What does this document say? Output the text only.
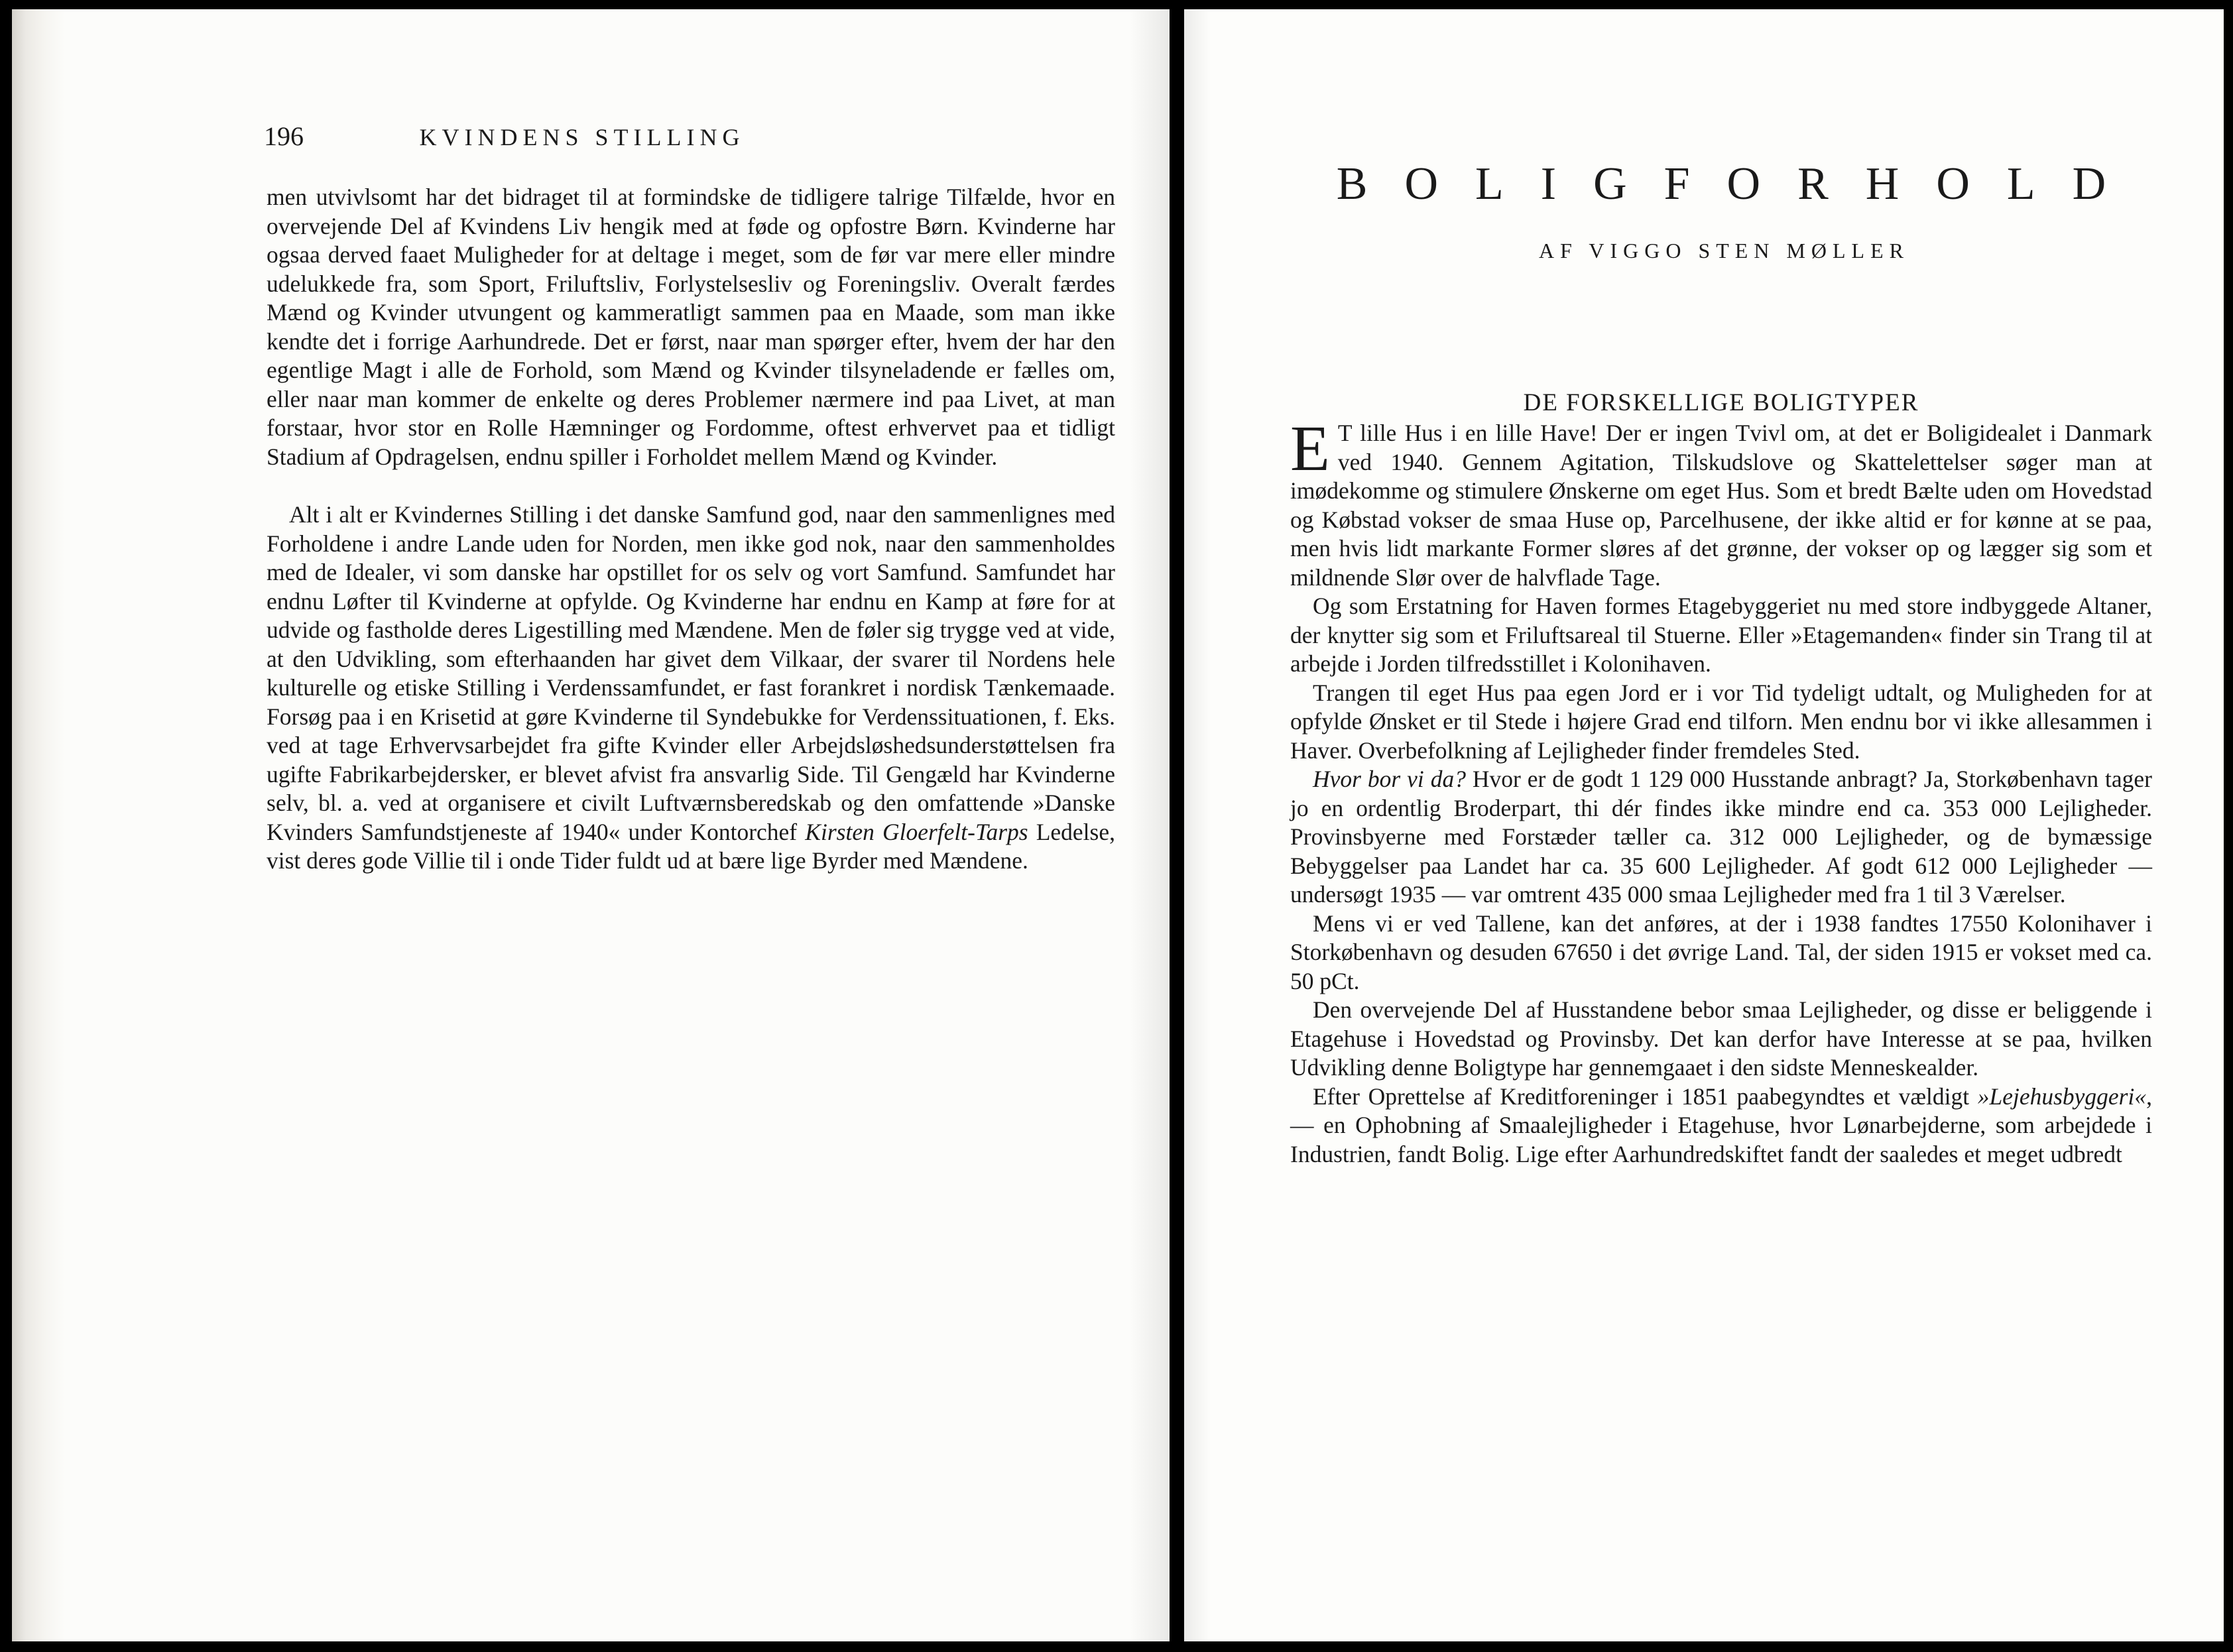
196	KVINDENS STILLING

men utvivlsomt har det bidraget til at formindske de tidligere talrige Tilfælde, hvor en overvejende Del af Kvindens Liv hengik med at føde og opfostre Børn. Kvinderne har ogsaa derved faaet Muligheder for at deltage i meget, som de før var mere eller mindre udelukkede fra, som Sport, Friluftsliv, Forlystelsesliv og Foreningsliv. Overalt færdes Mænd og Kvinder utvungent og kammeratligt sammen paa en Maade, som man ikke kendte det i forrige Aarhundrede. Det er først, naar man spørger efter, hvem der har den egentlige Magt i alle de Forhold, som Mænd og Kvinder tilsyneladende er fælles om, eller naar man kommer de enkelte og deres Problemer nærmere ind paa Livet, at man forstaar, hvor stor en Rolle Hæmninger og Fordomme, oftest erhvervet paa et tidligt Stadium af Opdragelsen, endnu spiller i Forholdet mellem Mænd og Kvinder.

Alt i alt er Kvindernes Stilling i det danske Samfund god, naar den sammenlignes med Forholdene i andre Lande uden for Norden, men ikke god nok, naar den sammenholdes med de Idealer, vi som danske har opstillet for os selv og vort Samfund. Samfundet har endnu Løfter til Kvinderne at opfylde. Og Kvinderne har endnu en Kamp at føre for at udvide og fastholde deres Ligestilling med Mændene. Men de føler sig trygge ved at vide, at den Udvikling, som efterhaanden har givet dem Vilkaar, der svarer til Nordens hele kulturelle og etiske Stilling i Verdenssamfundet, er fast forankret i nordisk Tænkemaade. Forsøg paa i en Krisetid at gøre Kvinderne til Syndebukke for Verdenssituationen, f. Eks. ved at tage Erhvervsarbejdet fra gifte Kvinder eller Arbejdsløshedsunderstøttelsen fra ugifte Fabrikarbejdersker, er blevet afvist fra ansvarlig Side. Til Gengæld har Kvinderne selv, bl. a. ved at organisere et civilt Luftværnsberedskab og den omfattende »Danske Kvinders Samfundstjeneste af 1940« under Kontorchef Kirsten Gloerfelt-Tarps Ledelse, vist deres gode Villie til i onde Tider fuldt ud at bære lige Byrder med Mændene.

BOLIGFORHOLD
AF VIGGO STEN MØLLER
DE FORSKELLIGE BOLIGTYPER

E T lille Hus i en lille Have! Der er ingen Tvivl om, at det er Boligidealet i Danmark ved 1940. Gennem Agitation, Tilskudslove og Skattelettelser søger man at imødekomme og stimulere Ønskerne om eget Hus. Som et bredt Bælte uden om Hovedstad og Købstad vokser de smaa Huse op, Parcelhusene, der ikke altid er for kønne at se paa, men hvis lidt markante Former sløres af det grønne, der vokser op og lægger sig som et mildnende Slør over de halvflade Tage.

Og som Erstatning for Haven formes Etagebyggeriet nu med store indbyggede Altaner, der knytter sig som et Friluftsareal til Stuerne. Eller »Etagemanden« finder sin Trang til at arbejde i Jorden tilfredsstillet i Kolonihaven.

Trangen til eget Hus paa egen Jord er i vor Tid tydeligt udtalt, og Muligheden for at opfylde Ønsket er til Stede i højere Grad end tilforn. Men endnu bor vi ikke allesammen i Haver. Overbefolkning af Lejligheder finder fremdeles Sted.

Hvor bor vi da? Hvor er de godt 1 129 000 Husstande anbragt? Ja, Storkøbenhavn tager jo en ordentlig Broderpart, thi dér findes ikke mindre end ca. 353 000 Lejligheder. Provinsbyerne med Forstæder tæller ca. 312 000 Lejligheder, og de bymæssige Bebyggelser paa Landet har ca. 35 600 Lejligheder. Af godt 612 000 Lejligheder — undersøgt 1935 — var omtrent 435 000 smaa Lejligheder med fra 1 til 3 Værelser.

Mens vi er ved Tallene, kan det anføres, at der i 1938 fandtes 17550 Kolonihaver i Storkøbenhavn og desuden 67650 i det øvrige Land. Tal, der siden 1915 er vokset med ca. 50 pCt.

Den overvejende Del af Husstandene bebor smaa Lejligheder, og disse er beliggende i Etagehuse i Hovedstad og Provinsby. Det kan derfor have Interesse at se paa, hvilken Udvikling denne Boligtype har gennemgaaet i den sidste Menneskealder.

Efter Oprettelse af Kreditforeninger i 1851 paabegyndtes et vældigt »Lejehusbyggeri«, — en Ophobning af Smaalejligheder i Etagehuse, hvor Lønarbejderne, som arbejdede i Industrien, fandt Bolig. Lige efter Aarhundredskiftet fandt der saaledes et meget udbredt
